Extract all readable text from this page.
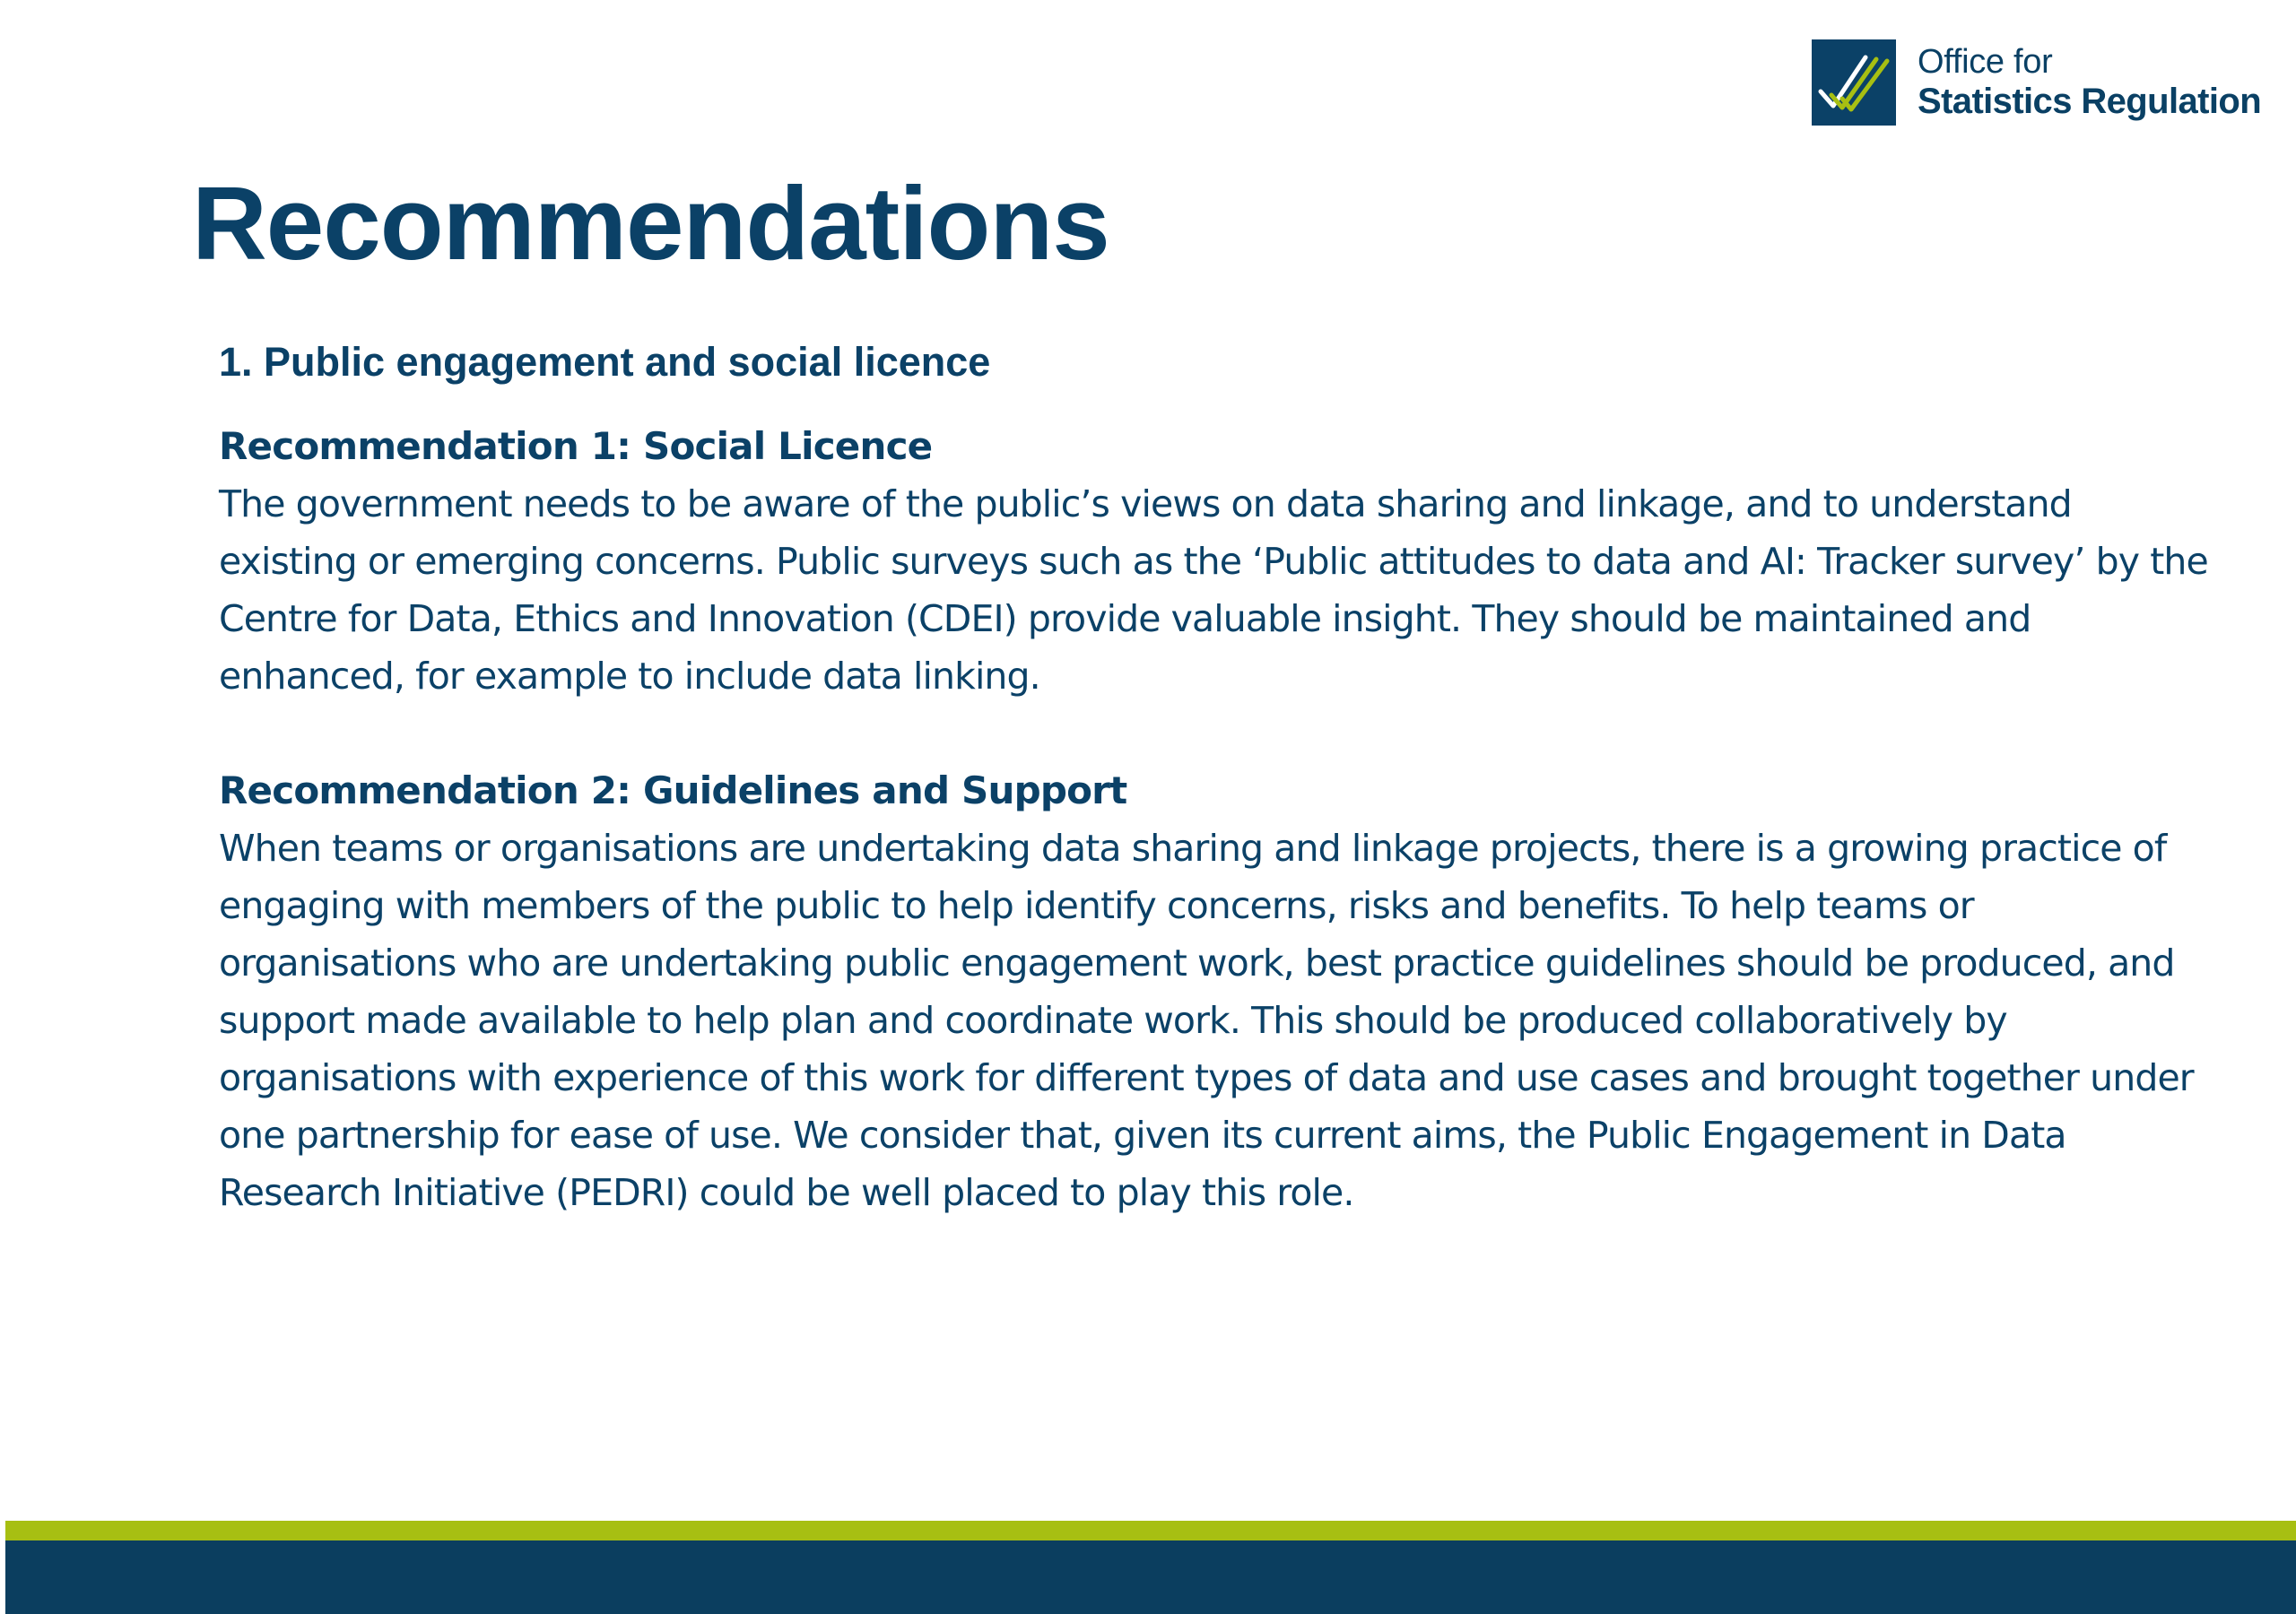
Office for
Statistics Regulation
Recommendations
1. Public engagement and social licence

Recommendation 1: Social Licence

The government needs to be aware of the public’s views on data sharing and linkage, and to understand existing or emerging concerns. Public surveys such as the ‘Public attitudes to data and AI: Tracker survey’ by the Centre for Data, Ethics and Innovation (CDEI) provide valuable insight. They should be maintained and enhanced, for example to include data linking.

Recommendation 2: Guidelines and Support

When teams or organisations are undertaking data sharing and linkage projects, there is a growing practice of engaging with members of the public to help identify concerns, risks and benefits. To help teams or organisations who are undertaking public engagement work, best practice guidelines should be produced, and support made available to help plan and coordinate work. This should be produced collaboratively by organisations with experience of this work for different types of data and use cases and brought together under one partnership for ease of use. We consider that, given its current aims, the Public Engagement in Data Research Initiative (PEDRI) could be well placed to play this role.
